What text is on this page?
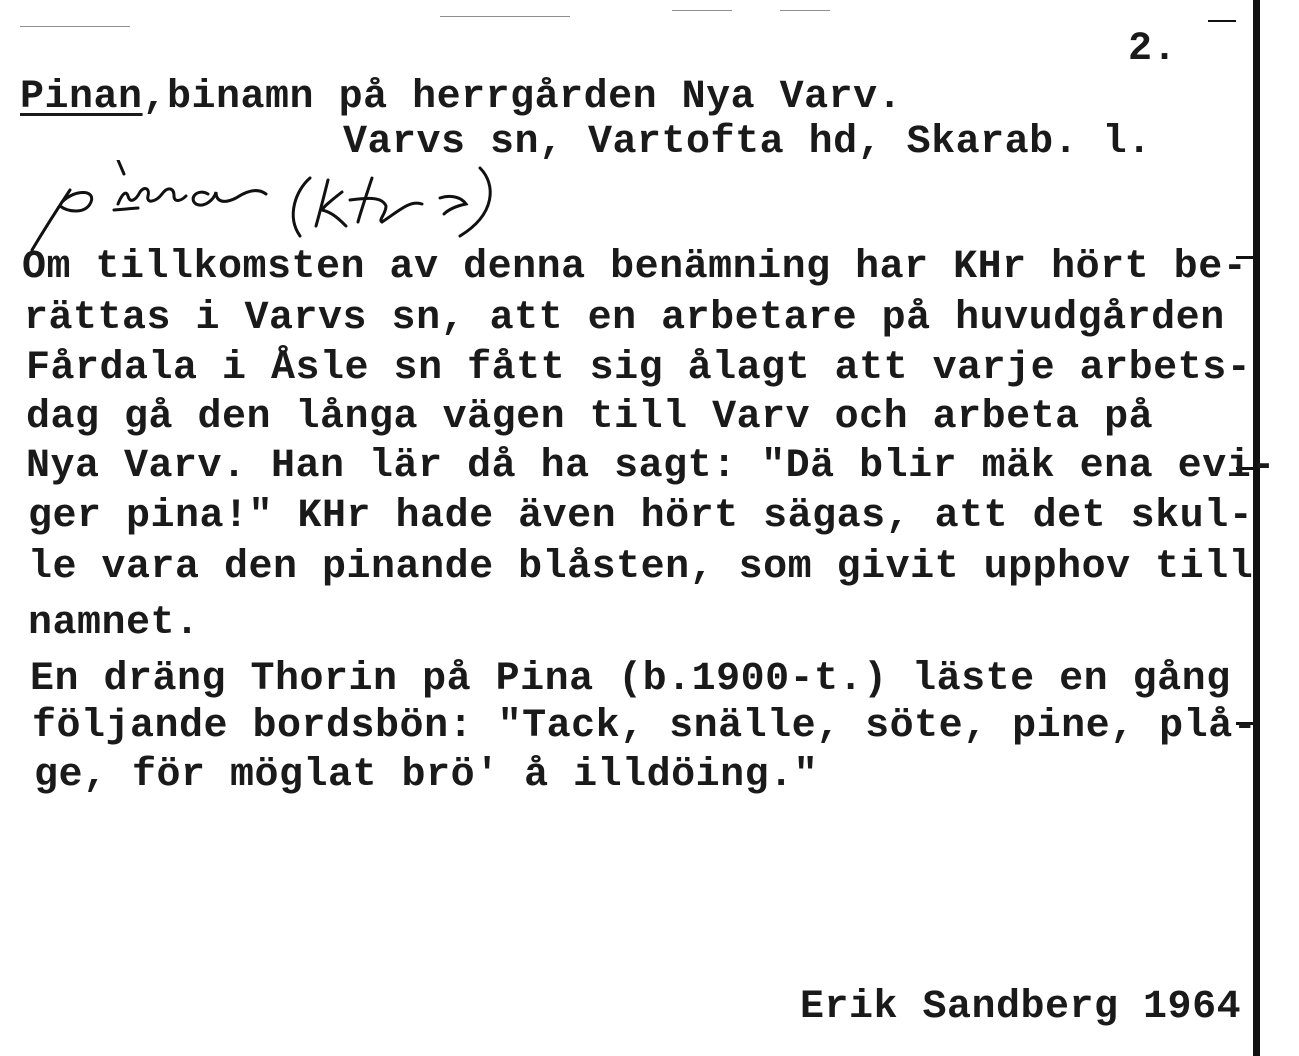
2.
Pinan,binamn på herrgården Nya Varv.
Varvs sn, Vartofta hd, Skarab. l.
pina (KHr)
Om tillkomsten av denna benämning har KHr hört be-
rättas i Varvs sn, att en arbetare på huvudgården
Fårdala i Åsle sn fått sig ålagt att varje arbets-
dag gå den långa vägen till Varv och arbeta på
Nya Varv. Han lär då ha sagt: "Dä blir mäk ena evi-
ger pina!" KHr hade även hört sägas, att det skul-
le vara den pinande blåsten, som givit upphov till
namnet.
En dräng Thorin på Pina (b.1900-t.) läste en gång
följande bordsbön: "Tack, snälle, söte, pine, plå-
ge, för möglat brö' å illdöing."
Erik Sandberg 1964
